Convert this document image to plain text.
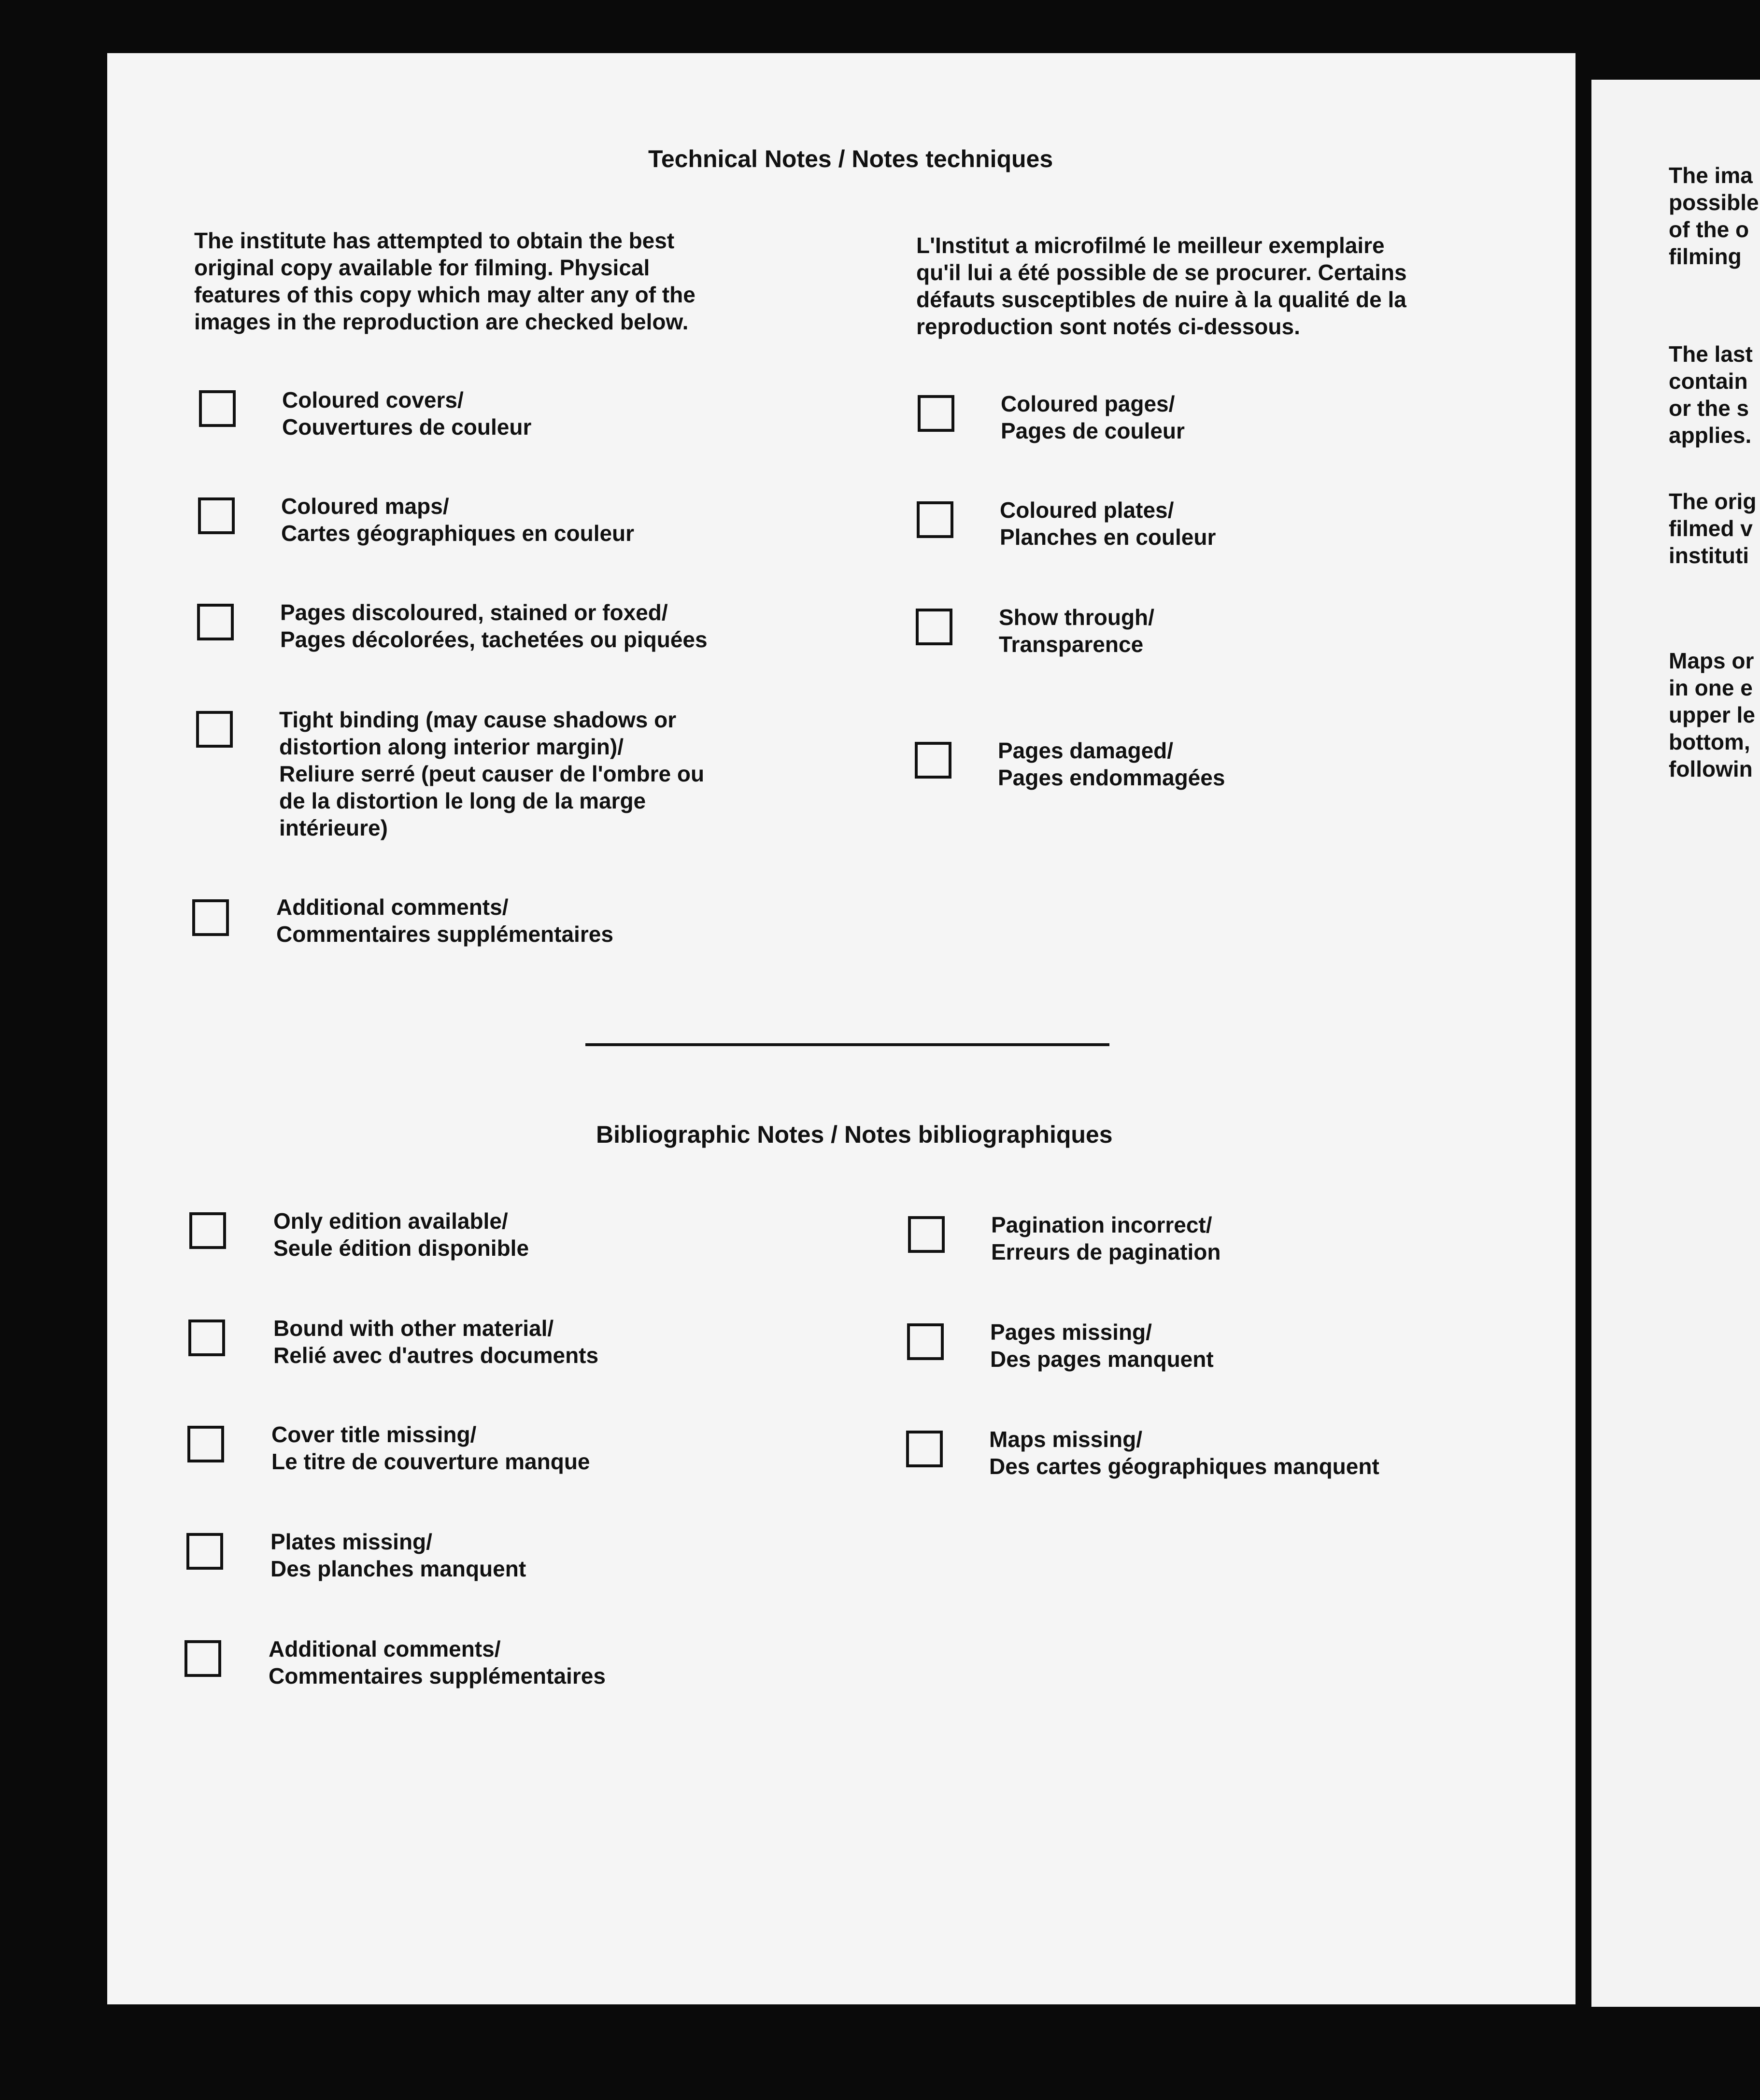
Technical Notes / Notes techniques
The institute has attempted to obtain the best
original copy available for filming. Physical
features of this copy which may alter any of the
images in the reproduction are checked below.
L'Institut a microfilmé le meilleur exemplaire
qu'il lui a été possible de se procurer. Certains
défauts susceptibles de nuire à la qualité de la
reproduction sont notés ci-dessous.
Coloured covers/
Couvertures de couleur
Coloured maps/
Cartes géographiques en couleur
Pages discoloured, stained or foxed/
Pages décolorées, tachetées ou piquées
Tight binding (may cause shadows or
distortion along interior margin)/
Reliure serré (peut causer de l'ombre ou
de la distortion le long de la marge
intérieure)
Additional comments/
Commentaires supplémentaires
Coloured pages/
Pages de couleur
Coloured plates/
Planches en couleur
Show through/
Transparence
Pages damaged/
Pages endommagées
Bibliographic Notes / Notes bibliographiques
Only edition available/
Seule édition disponible
Bound with other material/
Relié avec d'autres documents
Cover title missing/
Le titre de couverture manque
Plates missing/
Des planches manquent
Additional comments/
Commentaires supplémentaires
Pagination incorrect/
Erreurs de pagination
Pages missing/
Des pages manquent
Maps missing/
Des cartes géographiques manquent
The ima
possible
of the o
filming
The last
contain
or the s
applies.
The orig
filmed v
instituti
Maps or
in one e
upper le
bottom,
followin
